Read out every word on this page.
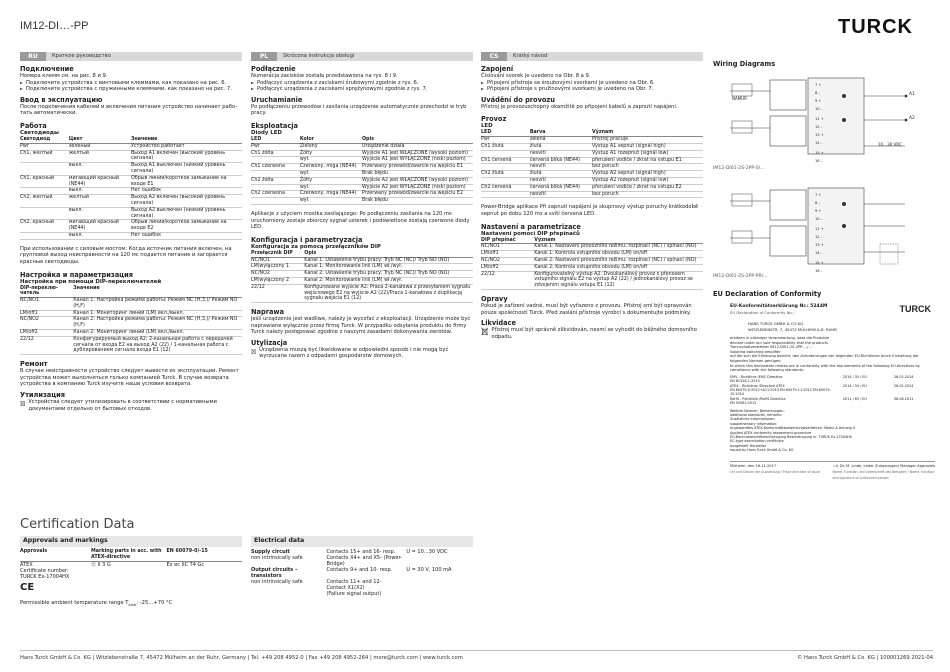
IM12-DI…-PP	TURCK
RU	Краткое руководство
Подключение

Номера клемм см. на рис. 8 и 9.

► Подключите устройства с винтовыми клеммами, как показано на рис. 6.

► Подключите устройства с пружинными клеммами, как показано на рис. 7.

Ввод в эксплуатацию

После подключения кабелей и включения питания устройство начинает рабо-

тать автоматически.

Работа
Светодиоды
Светодиод	Цвет	Значение
Pwr	зеленый	Устройство работает
Ch1, желтый	желтый	Выход A1 включен (высокий уровень сигнала)
	выкл.	Выход A1 выключен (низкий уровень сигнала)
Ch1, красный	мигающий красный (NE44)	Обрыв линии/короткое замыкание на входе E1
	выкл.	Нет ошибок
Ch2, желтый	желтый	Выход A2 включен (высокий уровень сигнала)
	выкл.	Выход A2 выключен (низкий уровень сигнала)
Ch2, красный	мигающий красный (NE44)	Обрыв линии/короткое замыкание на входе E2
	выкл.	Нет ошибок

При использовании с силовым мостом: Когда источник питания включен, на групповой выход неисправности на 120 мс подается питание и загорается красные светодиоды.

Настройка и параметризация
Настройка при помощи DIP-переключателей
DIP-переклю-чатель	Значение
NC/NO1	Канал 1: Настройка режима работы: Режим NC (H,3,)/ Режим NO (H,F)
LM/off1	Канал 1: Мониторинг линий (LM) вкл./выкл.
NC/NO2	Канал 2: Настройка режима работы: Режим NC (H,3,)/ Режим NO (H,F)
LM/off2	Канал 2: Мониторинг линий (LM) вкл./выкл.
22/12	Конфигурируемый выход A2: 2-канальная работа с передачей сигнала от входа E2 на выход A2 (22) / 1-канальная работа с дублированием сигнала входа E1 (12)
Ремонт

В случае неисправности устройство следует вывести из эксплуатации. Ремонт устройства может выполняться только компанией Turck. В случае возврата устройства в компанию Turck изучите наши условия возврата.

Утилизация

Устройства следует утилизировать в соответствии с нормативными документами отдельно от бытовых отходов.

PL	Skrócona instrukcja obsługi
Podłączenie

Numeracja zacisków została przedstawiona na rys. 8 i 9.

► Podłączyć urządzenia z zaciskami śrubowymi zgodnie z rys. 6.

► Podłączyć urządzenia z zaciskami sprężynowymi zgodnie z rys. 7.

Uruchamianie

Po podłączeniu przewodów i zasilania urządzenie automatycznie przechodzi w tryb pracy.

Eksploatacja
Diody LED
LED	Kolor	Opis
Pwr	Zielony	Urządzenie działa
Ch1 żółta	Żółty	Wyjście A1 jest WŁĄCZONE (wysoki poziom)
	wył.	Wyjście A1 jest WYŁĄCZONE (niski poziom)
Ch1 czerwona	Czerwony, miga (NE44)	Przerwany przewód/zwarcie na wejściu E1
	wył.	Brak błędu
Ch2 żółta	Żółty	Wyjście A2 jest WŁĄCZONE (wysoki poziom)
	wył.	Wyjście A2 jest WYŁĄCZONE (niski poziom)
Ch2 czerwona	Czerwony, miga (NE44)	Przerwany przewód/zwarcie na wejściu E2
	wył.	Brak błędu

Aplikacje z użyciem mostka zasilającego: Po podłączeniu zasilania na 120 ms uruchomiony zostaje zbiorczy sygnał usterek i podświetlone zostają czerwone diody LED.

Konfiguracja i parametryzacja
Konfiguracja za pomocą przełączników DIP
Przełącznik DIP	Opis
NC/NO1	Kanał 1: Ustawienie trybu pracy: Tryb NC (NC)/ Tryb NO (NO)
LM/wyłączony 1	Kanał 1: Monitorowanie linii (LM) wł./wył.
NC/NO2	Kanał 2: Ustawienie trybu pracy: Tryb NC (NC)/ Tryb NO (NO)
LM/wyłączony 2	Kanał 2: Monitorowanie linii (LM) wł./wył.
22/12	Konfigurowane wyjście A2: Praca 2-kanałowa z przesyłaniem sygnału wejściowego E2 na wyjście A2 (22)/Praca 1-kanałowa z duplikacją sygnału wejścia E1 (12)
Naprawa

Jeśli urządzenie jest wadliwe, należy je wycofać z eksploatacji. Urządzenie może być naprawiane wyłącznie przez firmę Turck. W przypadku odsyłania produktu do firmy Turck należy postępować zgodnie z naszymi zasadami dokonywania zwrotów.

Utylizacja

Urządzenia muszą być likwidowane w odpowiedni sposób i nie mogą być wyrzucane razem z odpadami gospodarstw domowych.

CS	Krátký návod
Zapojení

Číslování svorek je uvedeno na Obr. 8 a 9.

► Připojení přístroje se šroubovými svorkami je uvedeno na Obr. 6.

► Připojení přístroje s pružinovými svorkami je uvedeno na Obr. 7.

Uvádění do provozu

Přístroj je provozuschopný okamžitě po připojení kabelů a zapnutí napájení.

Provoz
LED
LED	Barva	Význam
Pwr	zelená	Přístroj pracuje
Ch1 žlutá	žlutá	Výstup A1 sepnut (signál high)
	nesvítí	Výstup A1 rozepnut (signál low)
Ch1 červená	červená bliká (NE44)	přerušení vodiče / zkrat na vstupu E1
	nesvítí	bez poruch
Ch2 žlutá	žlutá	Výstup A2 sepnut (signál high)
	nesvítí	Výstup A2 rozepnut (signál low)
Ch2 červená	červená bliká (NE44)	přerušení vodiče / zkrat na vstupu E2
	nesvítí	bez poruch

Power-Bridge aplikace Při zapnutí napájení je skupinový výstup poruchy krátkodobě sepnut po dobu 120 ms a svítí červená LED.

Nastavení a parametrizace
Nastavení pomocí DIP přepínačů
DIP přepínač	Význam
NC/NO1	Kanál 1: Nastavení provozního režimu: rozpínací (NC) / spínací (NO)
LM/off1	Kanál 1: Kontrola vstupního obvodu (LM) on/off
NC/NO2	Kanál 2: Nastavení provozního režimu: rozpínací (NC) / spínací (NO)
LM/off2	Kanál 2: Kontrola vstupního obvodu (LM) on/off
22/12	Konfigurovatelný výstup A2: Dvoukanálový provoz s přenosem vstupního signálu E2 na výstup A2 (22) / jednokanálový provoz se zdvojením signálu vstupu E1 (12)
Opravy

Pokud je zařízení vadné, musí být vyřazeno z provozu. Přístroj smí být opravován pouze společností Turck. Před zaslání přístroje výrobci s dokumentujte podmínky.

Likvidace

Přístroj musí být správně zlikvidován, nesmí se vyhodit do běžného domovního odpadu.

Wiring Diagrams
NAMUR
A1
A2
10…30 VDC
IM12-DI01-2S-2PP-0/…
IM12-DI01-2S-2PP-PR/…
EU Declaration of Conformity
EU-Konformitätserklärung Nr.: 5244M
EU Declaration of Conformity No.:	TURCK
HANS TURCK GMBH & CO KG
WITZLEBENSTR. 7, 45472 MÜLHEIM A.D. RUHR
erklären in alleiniger Verantwortung, dass die Produkte
declare under our sole responsibility that the products
Trennschaltverstärker IM12-DI01-2S-2PP-…/…
Isolating switching amplifier
auf die sich die Erklärung bezieht, den Anforderungen der folgenden EU-Richtlinien durch Einhaltung der folgenden Normen genügen:
to which this declaration relates are in conformity with the requirements of the following EU-directives by compliance with the following standards:
EMV - Richtlinie /EMC Directive	2014 / 30 / EU	26.02.2014
EN 61326-1:2013
ATEX - Richtlinie /Directive ATEX	2014 / 34 / EU	26.02.2014
EN 60079-0:2012+A11:2013 EN 60079-11:2012 EN 60079-15:2010
RoHS - Richtlinie /RoHS Directive	2011 / 65 / EU	08.06.2011
EN 50581:2012
Weitere Normen, Bemerkungen:
additional standards, remarks:
Zusätzliche Informationen:
supplementary information:
Angewandtes ATEX-Konformitätsbewertungsverfahren: Modul A Anhang II
Applied ATEX conformity assessment procedure
EG-Baumusterprüfbescheinigung Bescheinigung nr. TURCK Ex-17004HX
EC-type examination certificate
ausgestellt Hersteller
issued by Hans Turck GmbH & Co. KG
Mülheim, den 16.11.2017	i.V. Dr. M. Linde, Leiter Zulassungen/ Manager Approvals
Ort und Datum der Ausstellung / Place and date of issue	Name, Funktion und Unterschrift des Befugten / Name, function and signature of authorized person
Certification Data
Approvals and markings
Approvals	Marking parts in acc. with ATEX-directive	EN 60079-0/-15
ATEX	Ⓔ II 3 G	Ex ec IIC T4 Gc
Certificate number:		
TURCK Ex-17004HX		
CE
Permissible ambient temperature range $T_{amb}$: -25…+70 °C
Electrical data
Supply circuit	Contacts 15+ and 16- resp.	U = 10…30 VDC
non intrinsically safe	Contacts X4+ and X5- (Power-Bridge)	
Output circuits – transistors	Contacts 9+ and 10- resp.	U = 30 V, 100 mA
non intrinsically safe	Contacts 11+ and 12-	
	Contact X1(X2)	
	(Failure signal output)	
Hans Turck GmbH & Co. KG | Witzlebenstraße 7, 45472 Mülheim an der Ruhr, Germany | Tel. +49 208 4952-0 | Fax +49 208 4952-264 | more@turck.com | www.turck.com	© Hans Turck GmbH & Co. KG | 100001269 2021-04
7 +
7 +
8 –
8 –
9 +
9 +
10 –
10 –
11 +
11 +
12 –
12 –
13 +
13 +
14 –
14 –
15 +
15 +
16 –
16 –
